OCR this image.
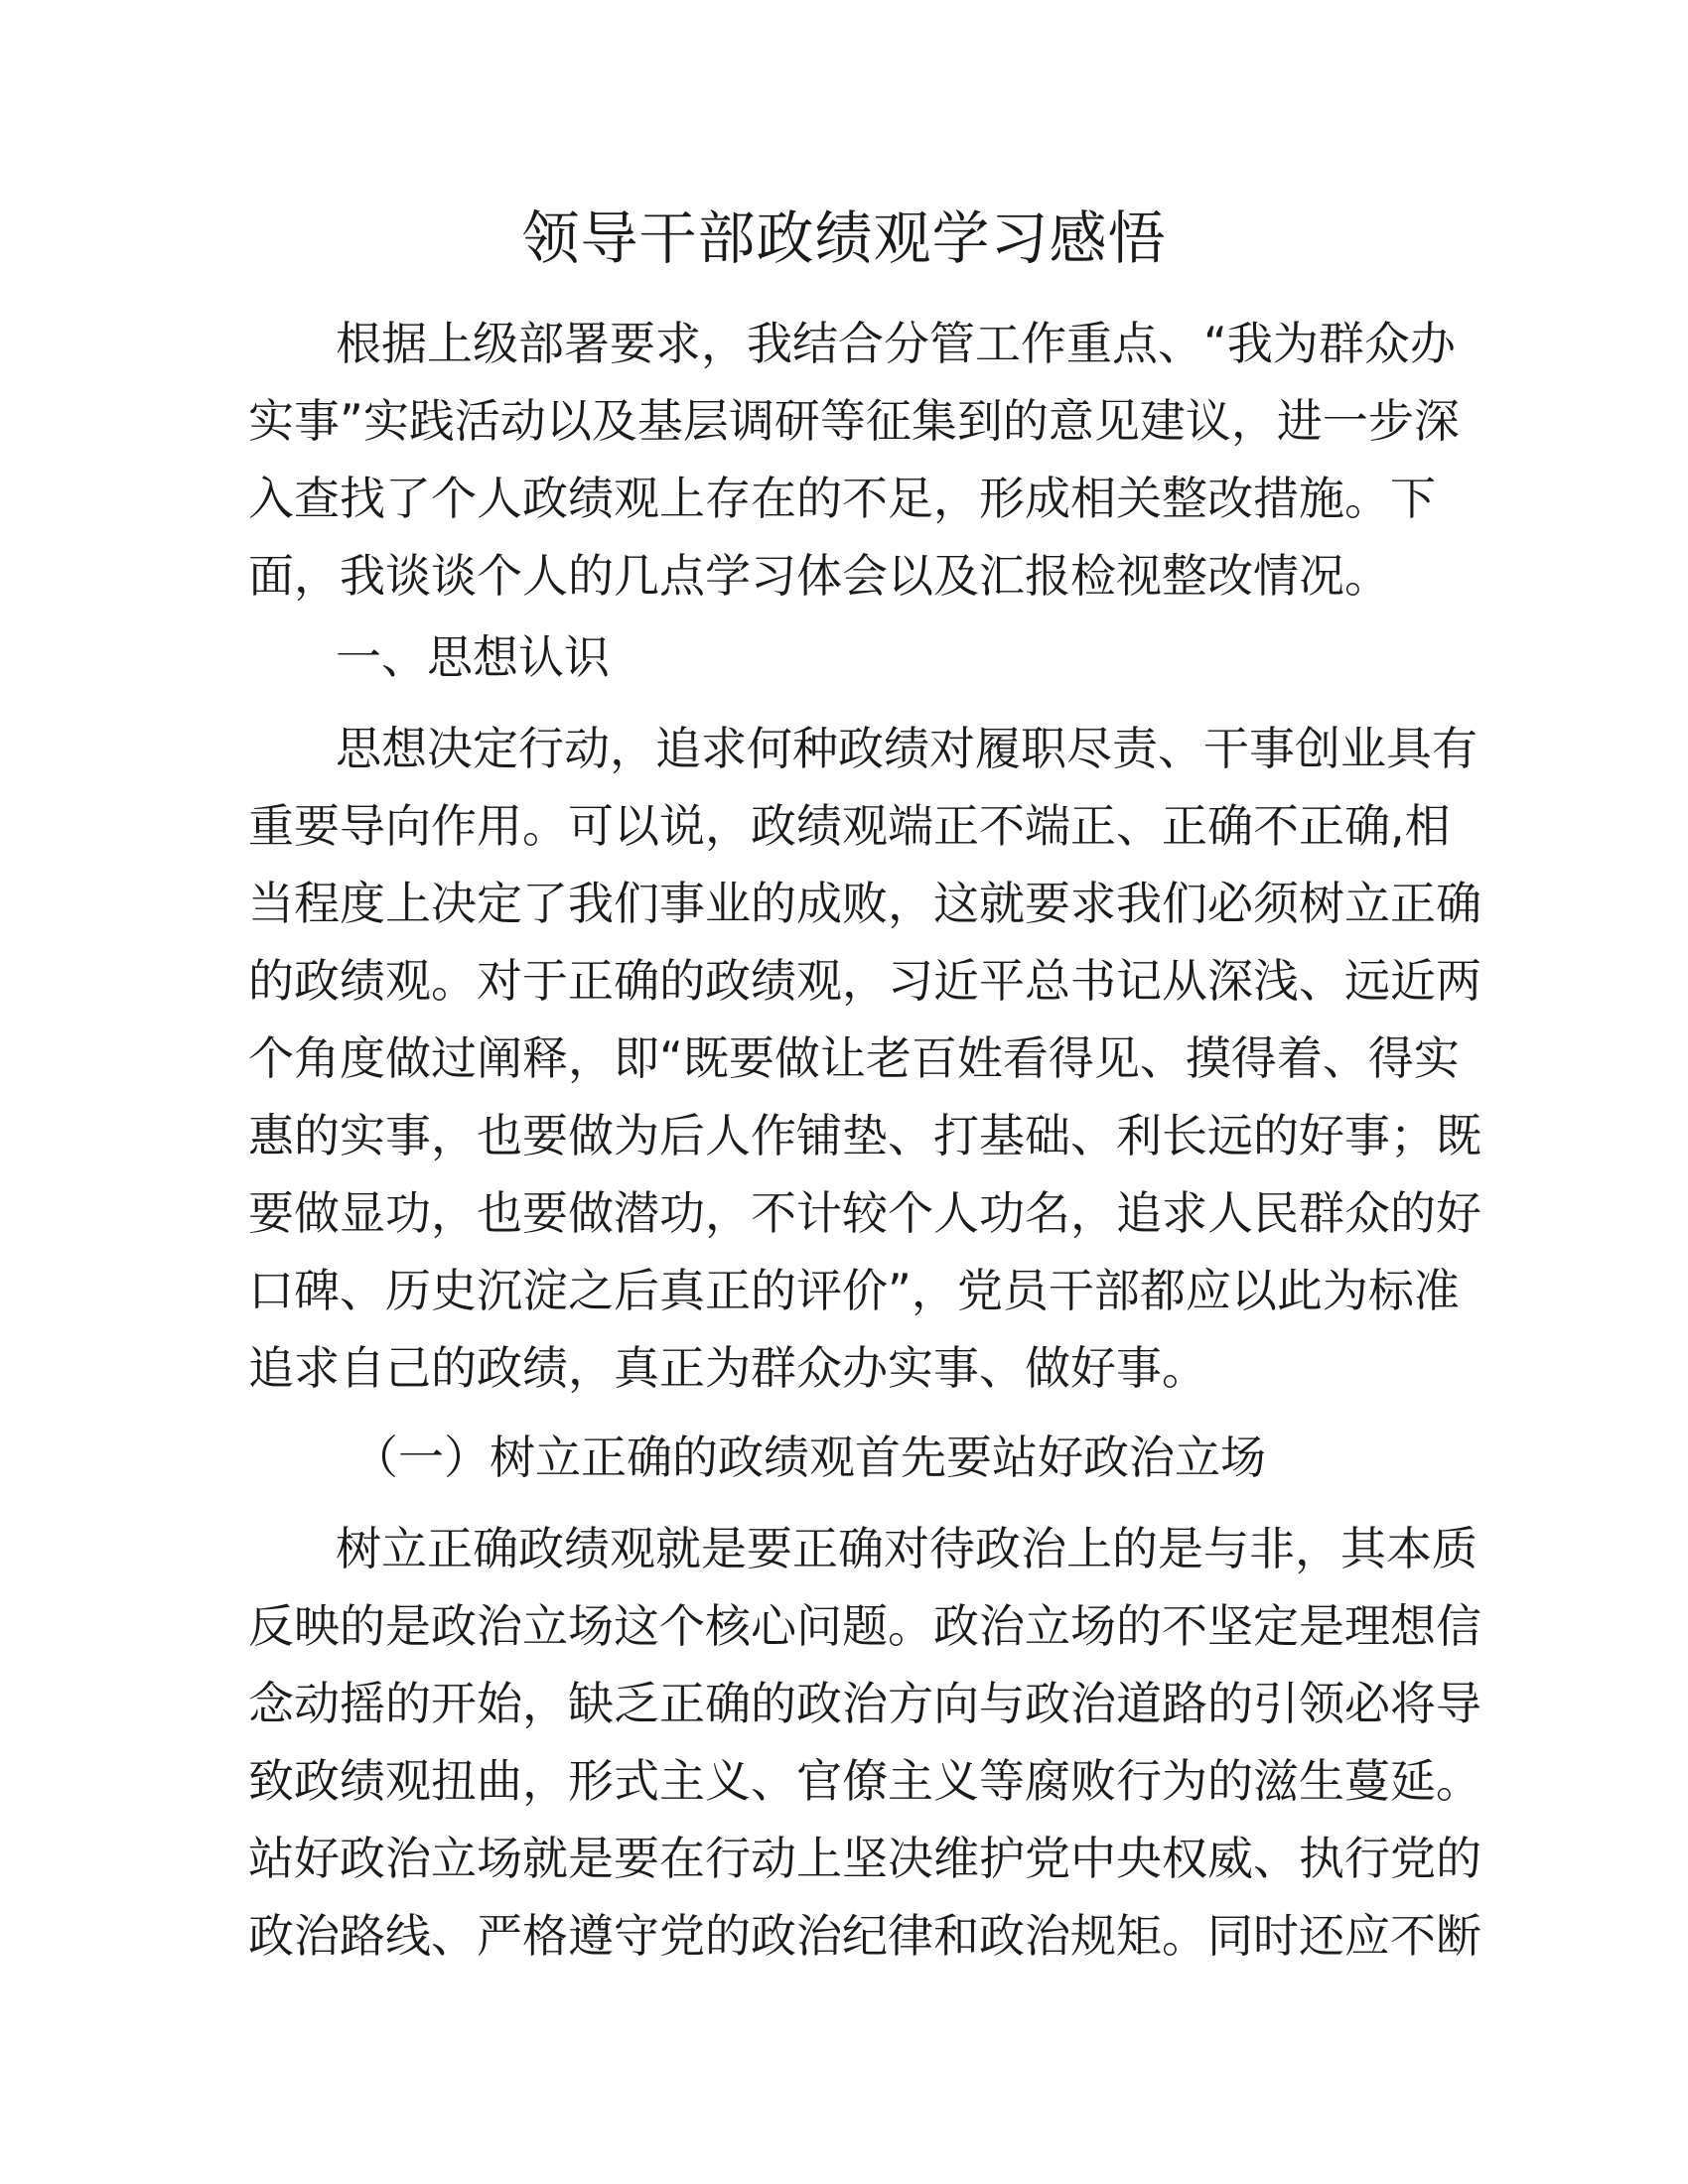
领导干部政绩观学习感悟

根据上级部署要求，我结合分管工作重点、“我为群众办

实事”实践活动以及基层调研等征集到的意见建议，进一步深

入查找了个人政绩观上存在的不足，形成相关整改措施。下

面，我谈谈个人的几点学习体会以及汇报检视整改情况。

一、思想认识

思想决定行动，追求何种政绩对履职尽责、干事创业具有

重要导向作用。可以说，政绩观端正不端正、正确不正确,相

当程度上决定了我们事业的成败，这就要求我们必须树立正确

的政绩观。对于正确的政绩观，习近平总书记从深浅、远近两

个角度做过阐释，即“既要做让老百姓看得见、摸得着、得实

惠的实事，也要做为后人作铺垫、打基础、利长远的好事；既

要做显功，也要做潜功，不计较个人功名，追求人民群众的好

口碑、历史沉淀之后真正的评价”，党员干部都应以此为标准

追求自己的政绩，真正为群众办实事、做好事。

（一）树立正确的政绩观首先要站好政治立场

树立正确政绩观就是要正确对待政治上的是与非，其本质

反映的是政治立场这个核心问题。政治立场的不坚定是理想信

念动摇的开始，缺乏正确的政治方向与政治道路的引领必将导

致政绩观扭曲，形式主义、官僚主义等腐败行为的滋生蔓延。

站好政治立场就是要在行动上坚决维护党中央权威、执行党的

政治路线、严格遵守党的政治纪律和政治规矩。同时还应不断
